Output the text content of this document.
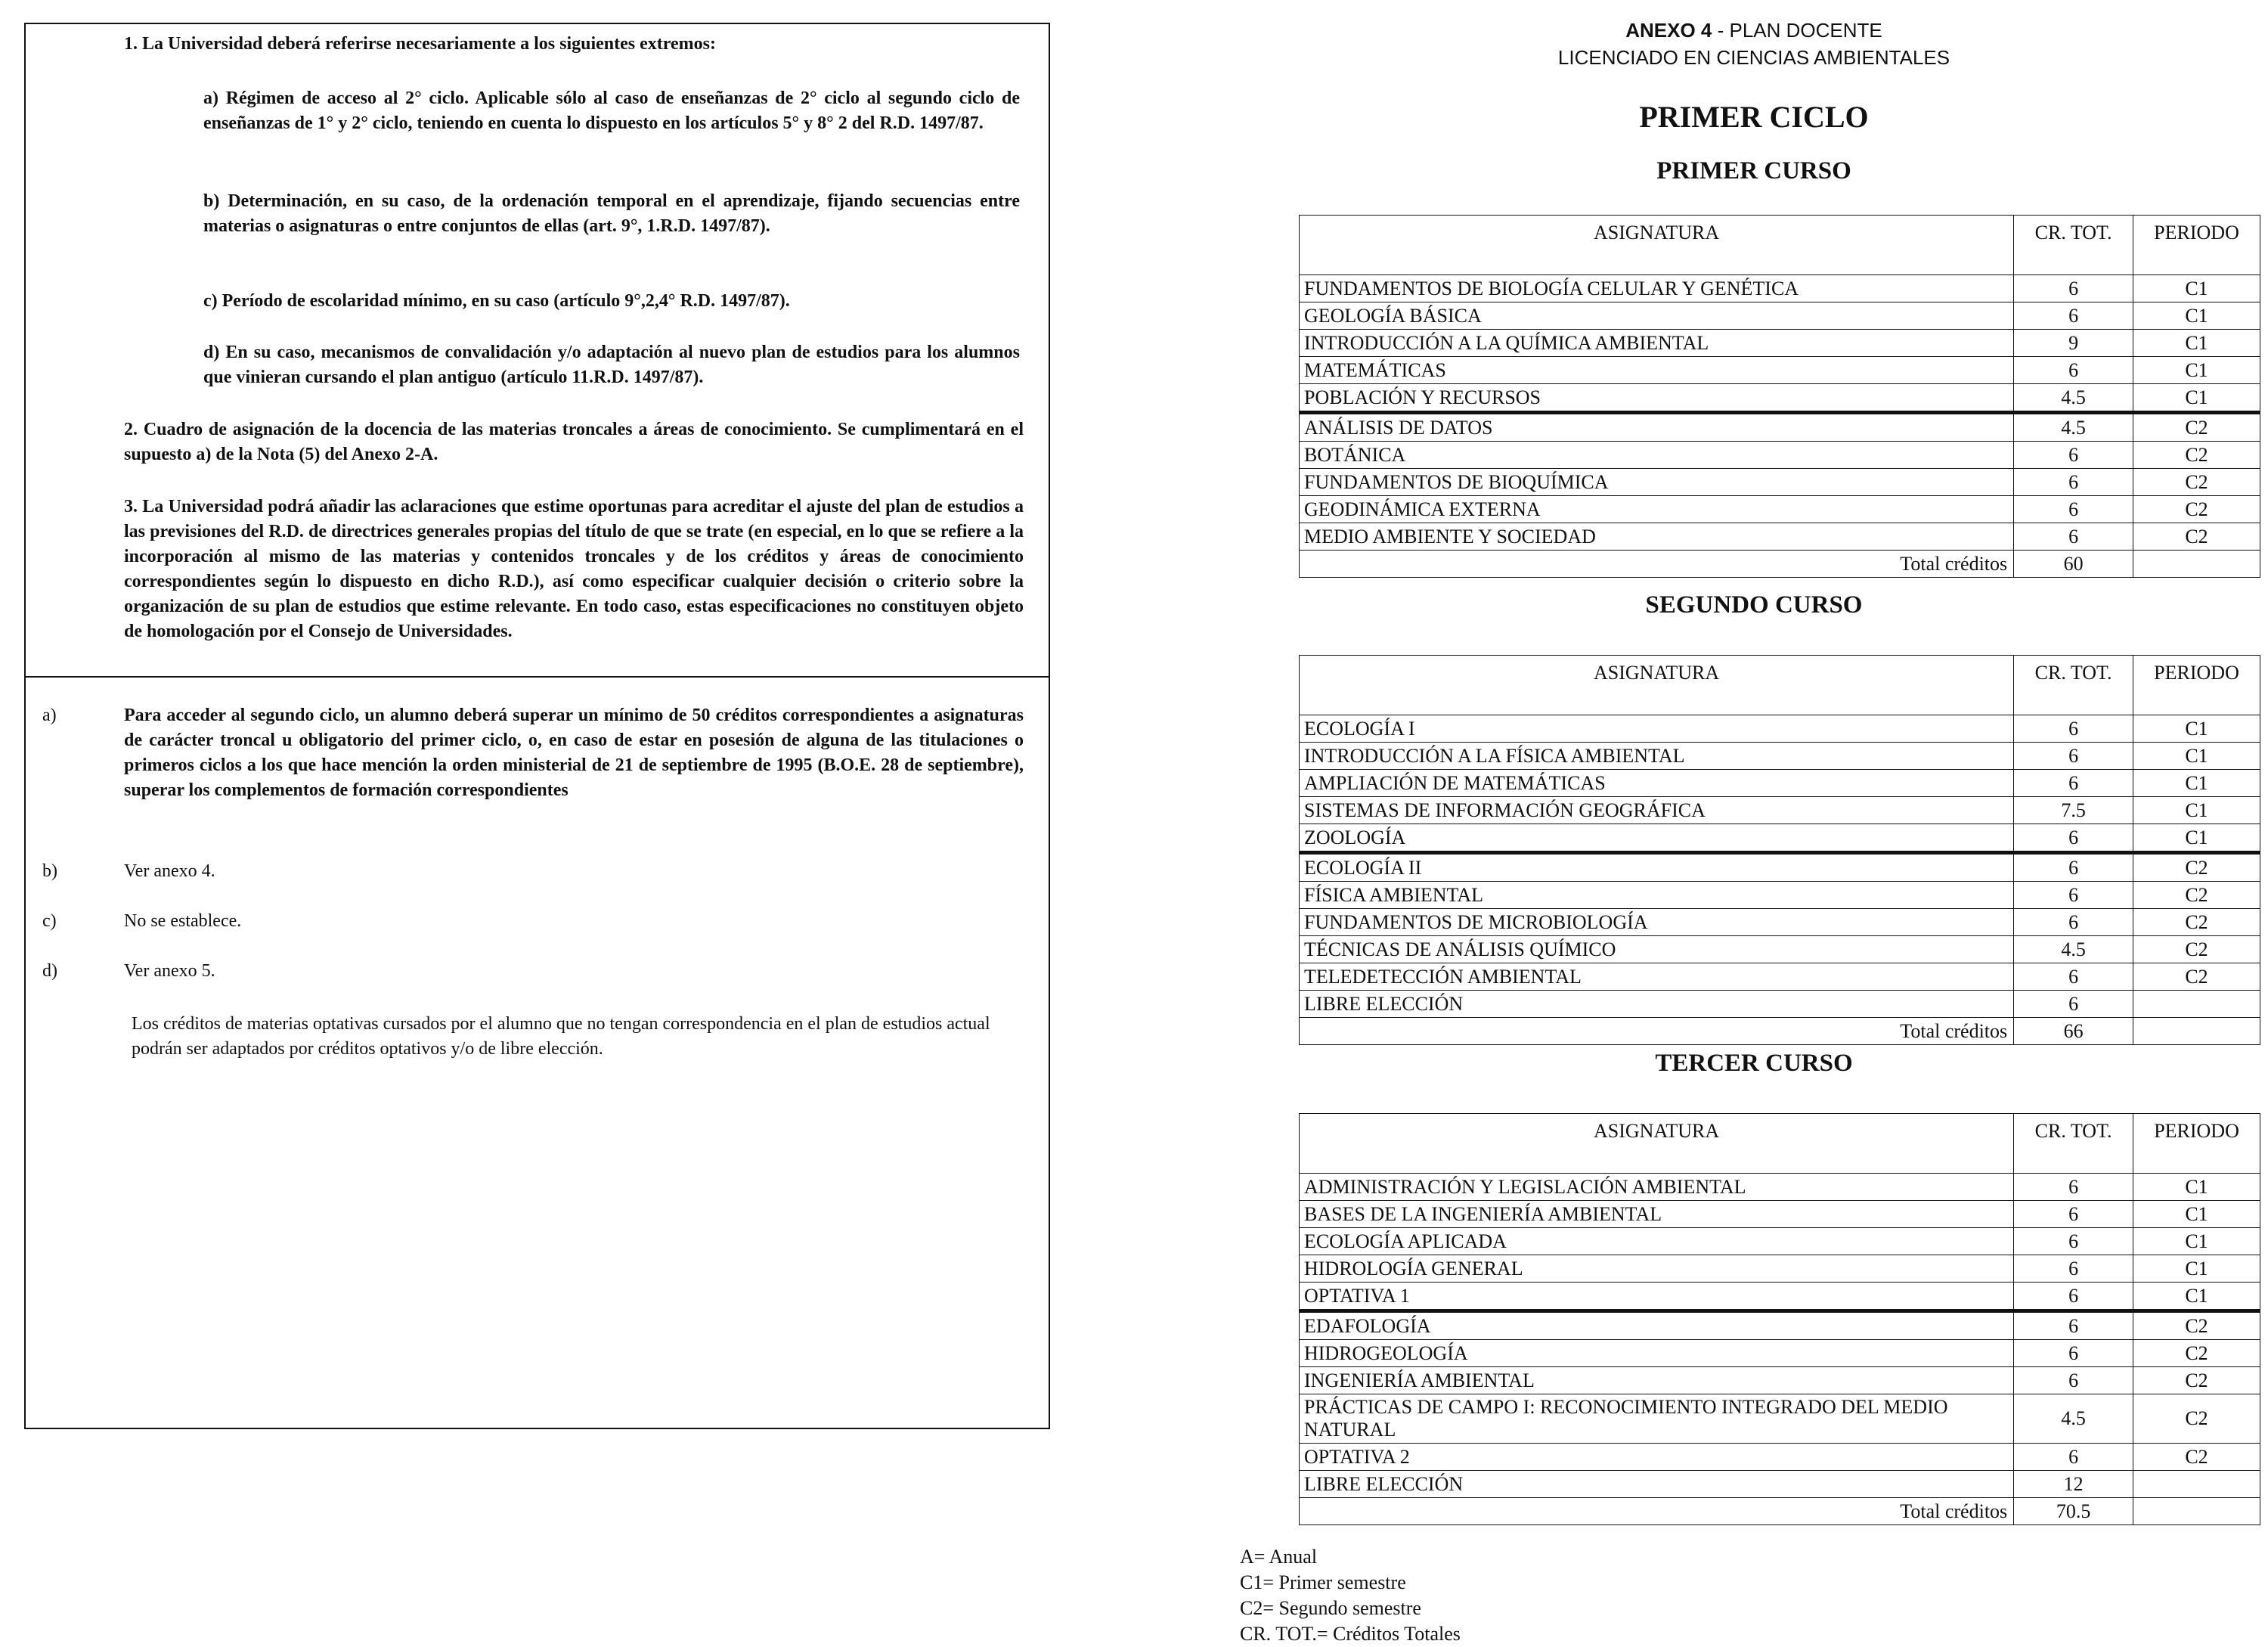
1. La Universidad deberá referirse necesariamente a los siguientes extremos:

a) Régimen de acceso al 2° ciclo. Aplicable sólo al caso de enseñanzas de 2° ciclo al segundo ciclo de enseñanzas de 1° y 2° ciclo, teniendo en cuenta lo dispuesto en los artículos 5° y 8° 2 del R.D. 1497/87.

b) Determinación, en su caso, de la ordenación temporal en el aprendizaje, fijando secuencias entre materias o asignaturas o entre conjuntos de ellas (art. 9°, 1.R.D. 1497/87).

c) Período de escolaridad mínimo, en su caso (artículo 9°,2,4° R.D. 1497/87).

d) En su caso, mecanismos de convalidación y/o adaptación al nuevo plan de estudios para los alumnos que vinieran cursando el plan antiguo (artículo 11.R.D. 1497/87).

2. Cuadro de asignación de la docencia de las materias troncales a áreas de conocimiento. Se cumplimentará en el supuesto a) de la Nota (5) del Anexo 2-A.

3. La Universidad podrá añadir las aclaraciones que estime oportunas para acreditar el ajuste del plan de estudios a las previsiones del R.D. de directrices generales propias del título de que se trate (en especial, en lo que se refiere a la incorporación al mismo de las materias y contenidos troncales y de los créditos y áreas de conocimiento correspondientes según lo dispuesto en dicho R.D.), así como especificar cualquier decisión o criterio sobre la organización de su plan de estudios que estime relevante. En todo caso, estas especificaciones no constituyen objeto de homologación por el Consejo de Universidades.

a)	Para acceder al segundo ciclo, un alumno deberá superar un mínimo de 50 créditos correspondientes a asignaturas de carácter troncal u obligatorio del primer ciclo, o, en caso de estar en posesión de alguna de las titulaciones o primeros ciclos a los que hace mención la orden ministerial de 21 de septiembre de 1995 (B.O.E. 28 de septiembre), superar los complementos de formación correspondientes

b)	Ver anexo 4.

c)	No se establece.

d)	Ver anexo 5.

Los créditos de materias optativas cursados por el alumno que no tengan correspondencia en el plan de estudios actual podrán ser adaptados por créditos optativos y/o de libre elección.

ANEXO 4 - PLAN DOCENTE

LICENCIADO EN CIENCIAS AMBIENTALES

PRIMER CICLO

PRIMER CURSO

ASIGNATURA	CR. TOT.	PERIODO
FUNDAMENTOS DE BIOLOGÍA CELULAR Y GENÉTICA	6	C1
GEOLOGÍA BÁSICA	6	C1
INTRODUCCIÓN A LA QUÍMICA AMBIENTAL	9	C1
MATEMÁTICAS	6	C1
POBLACIÓN Y RECURSOS	4.5	C1
ANÁLISIS DE DATOS	4.5	C2
BOTÁNICA	6	C2
FUNDAMENTOS DE BIOQUÍMICA	6	C2
GEODINÁMICA EXTERNA	6	C2
MEDIO AMBIENTE Y SOCIEDAD	6	C2
Total créditos	60	

SEGUNDO CURSO

ASIGNATURA	CR. TOT.	PERIODO
ECOLOGÍA I	6	C1
INTRODUCCIÓN A LA FÍSICA AMBIENTAL	6	C1
AMPLIACIÓN DE MATEMÁTICAS	6	C1
SISTEMAS DE INFORMACIÓN GEOGRÁFICA	7.5	C1
ZOOLOGÍA	6	C1
ECOLOGÍA II	6	C2
FÍSICA AMBIENTAL	6	C2
FUNDAMENTOS DE MICROBIOLOGÍA	6	C2
TÉCNICAS DE ANÁLISIS QUÍMICO	4.5	C2
TELEDETECCIÓN AMBIENTAL	6	C2
LIBRE ELECCIÓN	6	
Total créditos	66	

TERCER CURSO

ASIGNATURA	CR. TOT.	PERIODO
ADMINISTRACIÓN Y LEGISLACIÓN AMBIENTAL	6	C1
BASES DE LA INGENIERÍA AMBIENTAL	6	C1
ECOLOGÍA APLICADA	6	C1
HIDROLOGÍA GENERAL	6	C1
OPTATIVA 1	6	C1
EDAFOLOGÍA	6	C2
HIDROGEOLOGÍA	6	C2
INGENIERÍA AMBIENTAL	6	C2
PRÁCTICAS DE CAMPO I: RECONOCIMIENTO INTEGRADO DEL MEDIO NATURAL	4.5	C2
OPTATIVA 2	6	C2
LIBRE ELECCIÓN	12	
Total créditos	70.5	
A= Anual
C1= Primer semestre
C2= Segundo semestre
CR. TOT.= Créditos Totales
